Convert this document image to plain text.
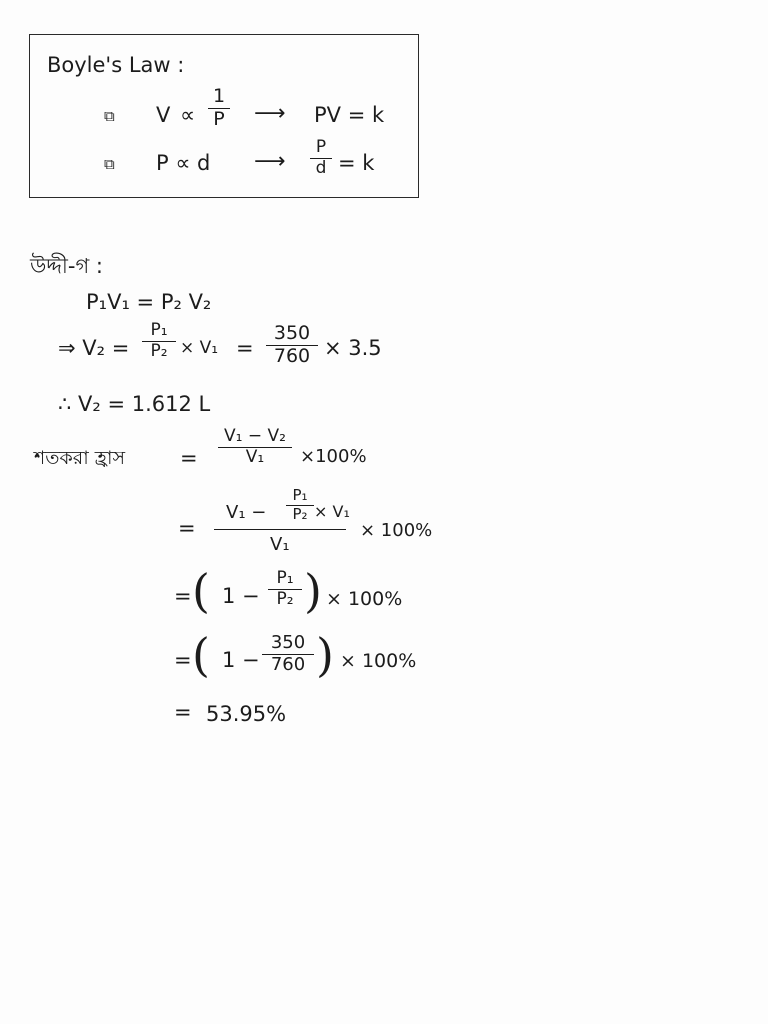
Boyle's Law :
⧉ V ∝
1
P ⟶ PV = k
⧉ P ∝ d ⟶
P
d = k
উদ্দী-গ :
P₁V₁ = P₂ V₂
⇒ V₂ =
P₁
P₂ × V₁ =
350
760 × 3.5
∴ V₂ = 1.612 L
শতকরা হ্রাস	=
V₁ − V₂
V₁	×100%
=
V₁ −
P₁
P₂ × V₁
V₁
× 100%
= ( 1 −
P₁
P₂ ) × 100%
= ( 1 −
350
760 ) × 100%
= 53.95%
